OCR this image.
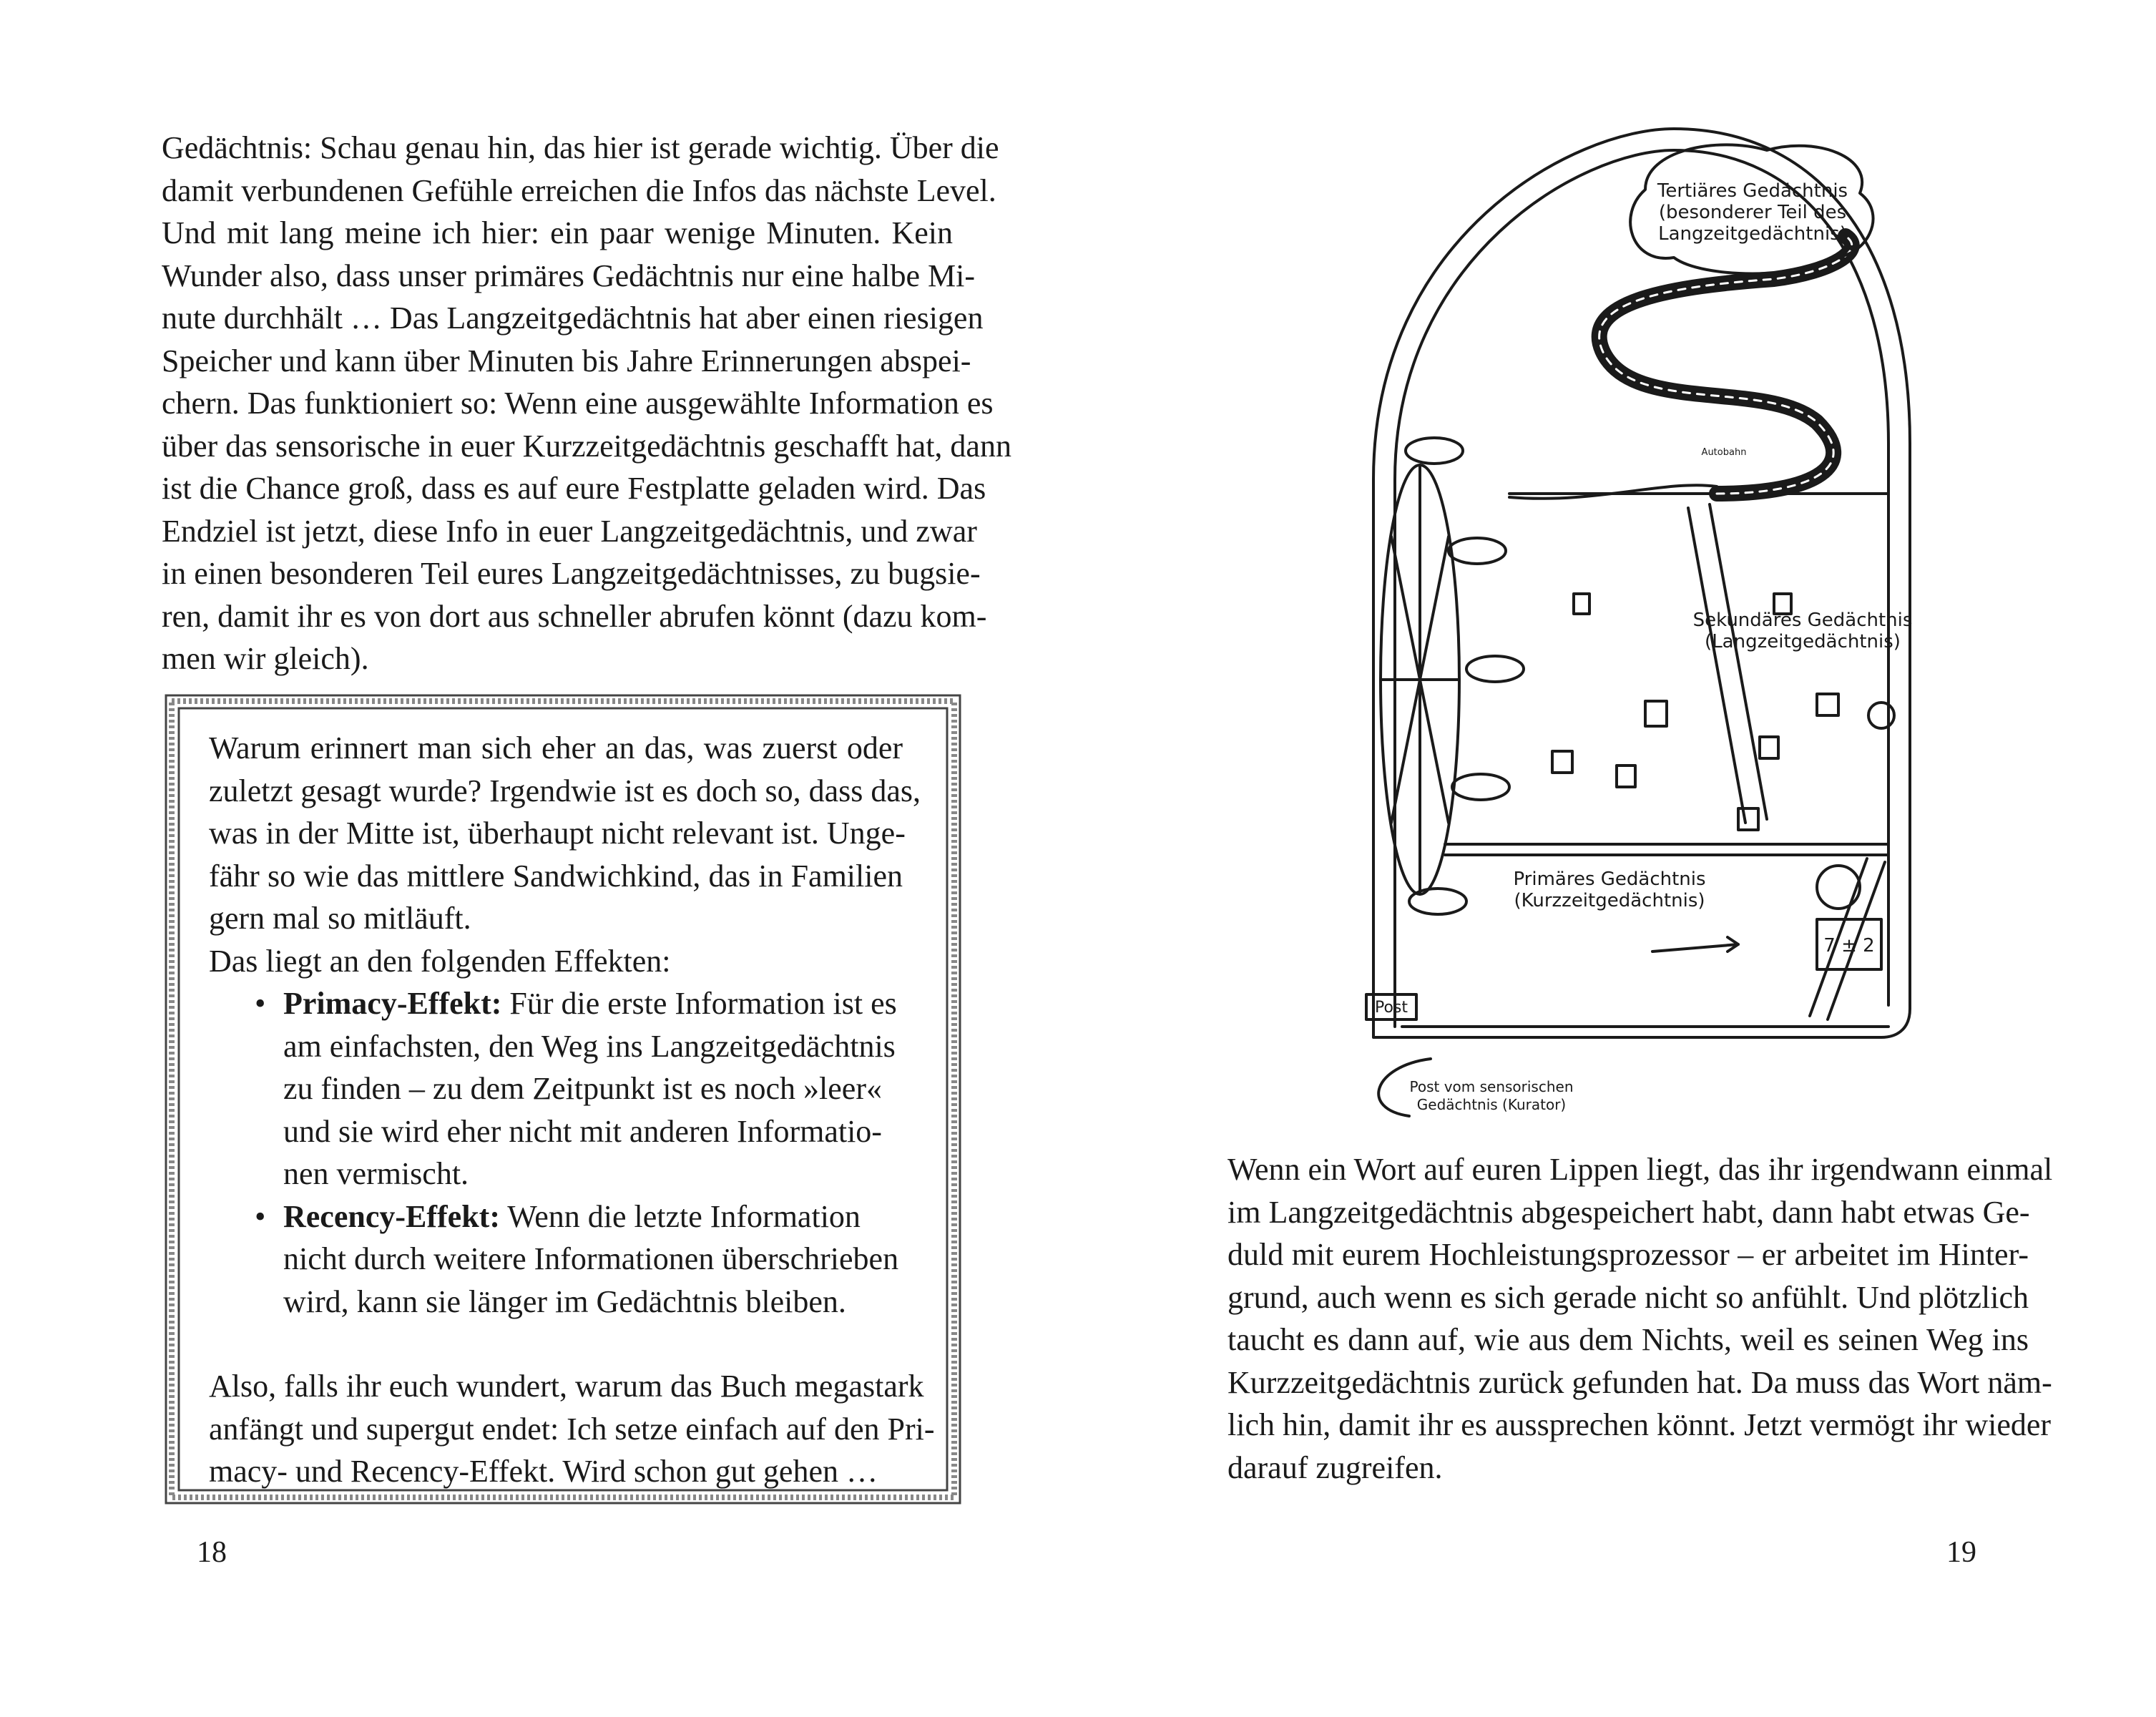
Gedächtnis: Schau genau hin, das hier ist gerade wichtig. Über die
damit verbundenen Gefühle erreichen die Infos das nächste Level.
Und mit lang meine ich hier: ein paar wenige Minuten. Kein
Wunder also, dass unser primäres Gedächtnis nur eine halbe Mi-
nute durchhält … Das Langzeitgedächtnis hat aber einen riesigen
Speicher und kann über Minuten bis Jahre Erinnerungen abspei-
chern. Das funktioniert so: Wenn eine ausgewählte Information es
über das sensorische in euer Kurzzeitgedächtnis geschafft hat, dann
ist die Chance groß, dass es auf eure Festplatte geladen wird. Das
Endziel ist jetzt, diese Info in euer Langzeitgedächtnis, und zwar
in einen besonderen Teil eures Langzeitgedächtnisses, zu bugsie-
ren, damit ihr es von dort aus schneller abrufen könnt (dazu kom-
men wir gleich).
Warum erinnert man sich eher an das, was zuerst oder
zuletzt gesagt wurde? Irgendwie ist es doch so, dass das,
was in der Mitte ist, überhaupt nicht relevant ist. Unge-
fähr so wie das mittlere Sandwichkind, das in Familien
gern mal so mitläuft.
Das liegt an den folgenden Effekten:
• Primacy-Effekt: Für die erste Information ist es
am einfachsten, den Weg ins Langzeitgedächtnis
zu finden – zu dem Zeitpunkt ist es noch »leer«
und sie wird eher nicht mit anderen Informatio-
nen vermischt.
• Recency-Effekt: Wenn die letzte Information
nicht durch weitere Informationen überschrieben
wird, kann sie länger im Gedächtnis bleiben.
Also, falls ihr euch wundert, warum das Buch megastark
anfängt und supergut endet: Ich setze einfach auf den Pri-
macy- und Recency-Effekt. Wird schon gut gehen …
18
Tertiäres Gedächtnis
(besonderer Teil des
Langzeitgedächtnis)
Sekundäres Gedächtnis
(Langzeitgedächtnis)
Primäres Gedächtnis
(Kurzzeitgedächtnis)
Autobahn
Post
7 ± 2
Post vom sensorischen
Gedächtnis (Kurator)
Wenn ein Wort auf euren Lippen liegt, das ihr irgendwann einmal
im Langzeitgedächtnis abgespeichert habt, dann habt etwas Ge-
duld mit eurem Hochleistungsprozessor – er arbeitet im Hinter-
grund, auch wenn es sich gerade nicht so anfühlt. Und plötzlich
taucht es dann auf, wie aus dem Nichts, weil es seinen Weg ins
Kurzzeitgedächtnis zurück gefunden hat. Da muss das Wort näm-
lich hin, damit ihr es aussprechen könnt. Jetzt vermögt ihr wieder
darauf zugreifen.
19
